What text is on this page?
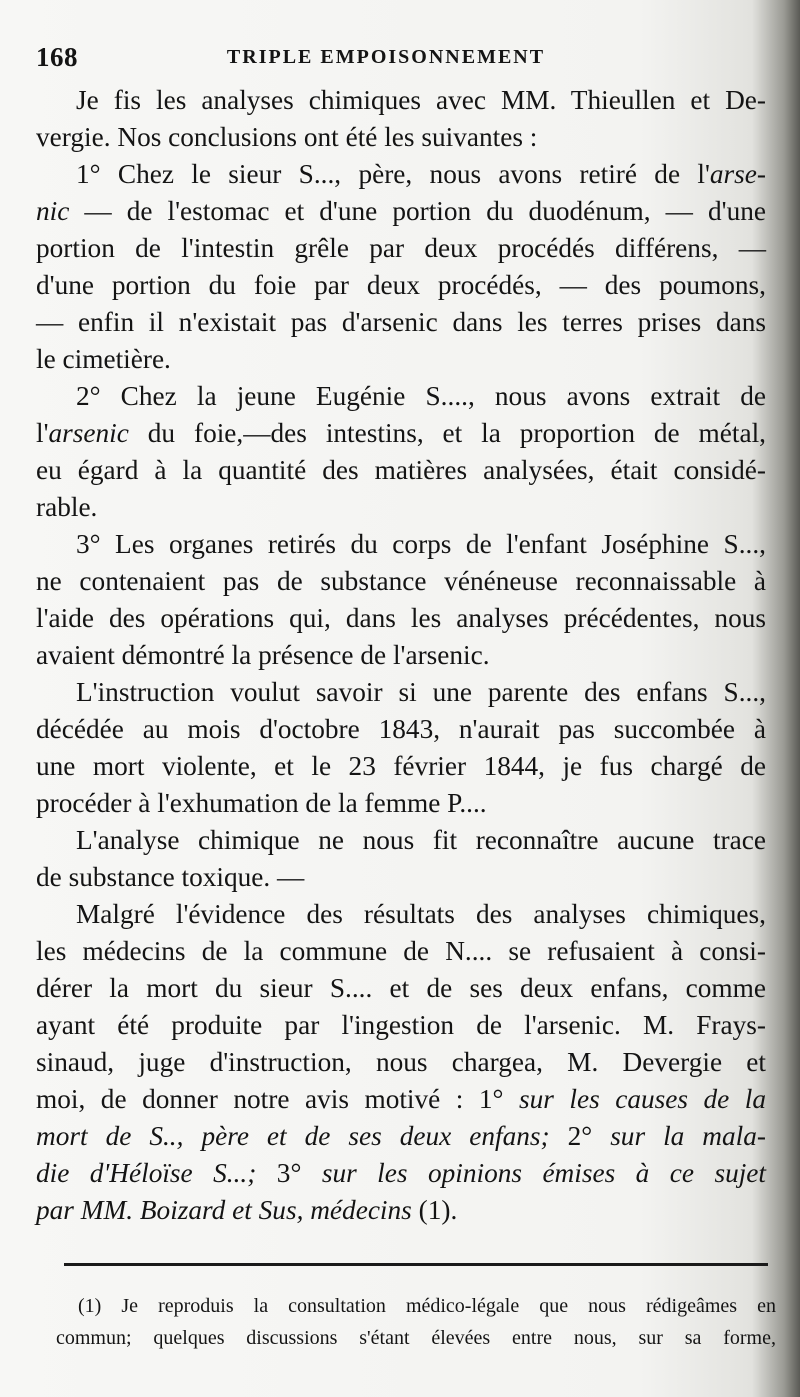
168	TRIPLE EMPOISONNEMENT
Je fis les analyses chimiques avec MM. Thieullen et De-
vergie. Nos conclusions ont été les suivantes :
1° Chez le sieur S..., père, nous avons retiré de l'arse-
nic — de l'estomac et d'une portion du duodénum, — d'une
portion de l'intestin grêle par deux procédés différens, —
d'une portion du foie par deux procédés, — des poumons,
— enfin il n'existait pas d'arsenic dans les terres prises dans
le cimetière.
2° Chez la jeune Eugénie S...., nous avons extrait de
l'arsenic du foie,—des intestins, et la proportion de métal,
eu égard à la quantité des matières analysées, était considé-
rable.
3° Les organes retirés du corps de l'enfant Joséphine S...,
ne contenaient pas de substance vénéneuse reconnaissable à
l'aide des opérations qui, dans les analyses précédentes, nous
avaient démontré la présence de l'arsenic.
L'instruction voulut savoir si une parente des enfans S...,
décédée au mois d'octobre 1843, n'aurait pas succombée à
une mort violente, et le 23 février 1844, je fus chargé de
procéder à l'exhumation de la femme P....
L'analyse chimique ne nous fit reconnaître aucune trace
de substance toxique. —
Malgré l'évidence des résultats des analyses chimiques,
les médecins de la commune de N.... se refusaient à consi-
dérer la mort du sieur S.... et de ses deux enfans, comme
ayant été produite par l'ingestion de l'arsenic. M. Frays-
sinaud, juge d'instruction, nous chargea, M. Devergie et
moi, de donner notre avis motivé : 1° sur les causes de la
mort de S.., père et de ses deux enfans; 2° sur la mala-
die d'Héloïse S...; 3° sur les opinions émises à ce sujet
par MM. Boizard et Sus, médecins (1).
(1) Je reproduis la consultation médico-légale que nous rédigeâmes en
commun; quelques discussions s'étant élevées entre nous, sur sa forme,
